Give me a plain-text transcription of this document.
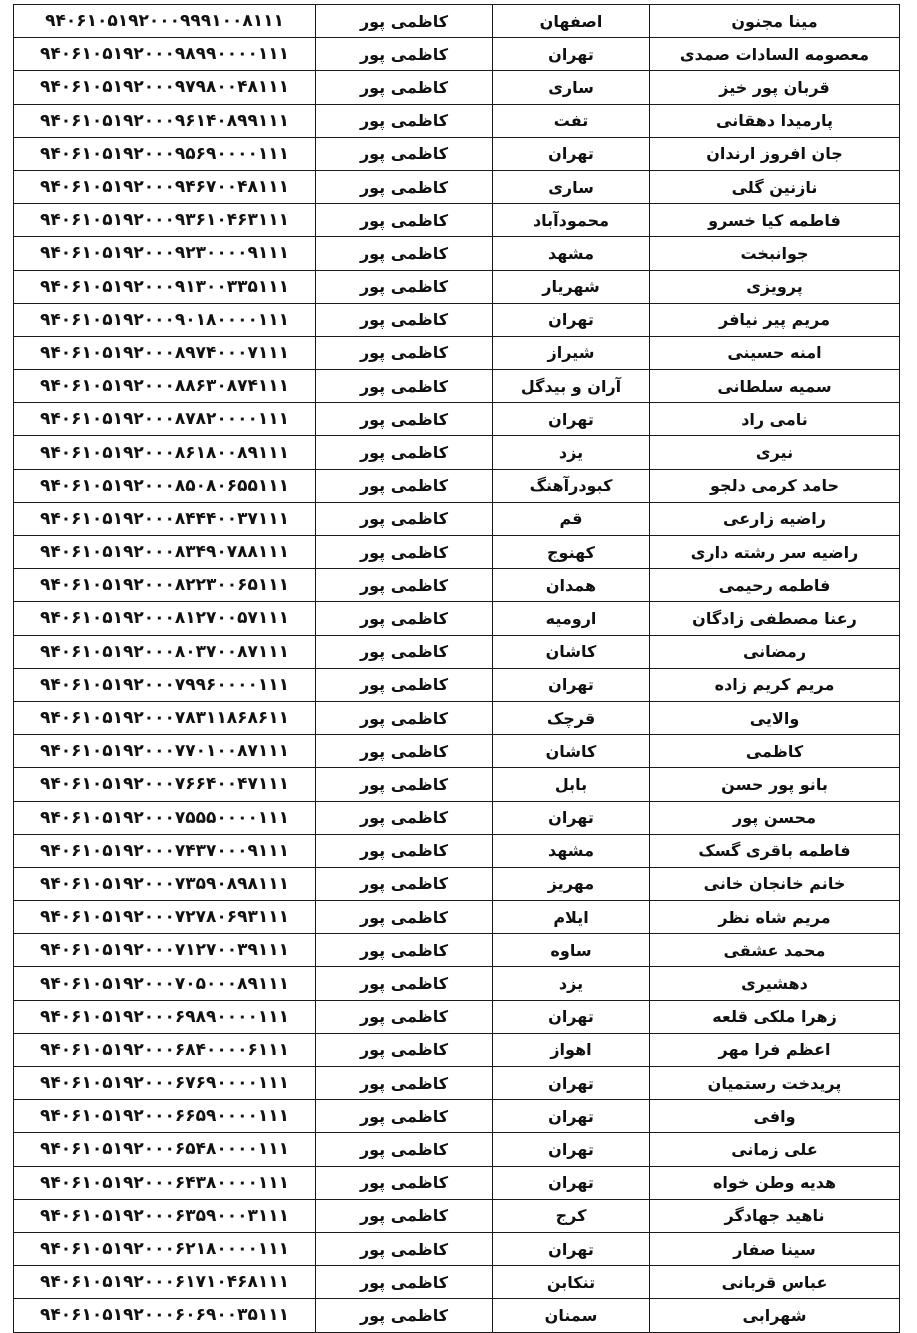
مینا مجنون	اصفهان	کاظمی پور	۹۴۰۶۱۰۵۱۹۲۰۰۰۹۹۹۱۰۰۸۱۱۱
معصومه السادات صمدی	تهران	کاظمی پور	۹۴۰۶۱۰۵۱۹۲۰۰۰۹۸۹۹۰۰۰۰۱۱۱
قربان پور خیز	ساری	کاظمی پور	۹۴۰۶۱۰۵۱۹۲۰۰۰۹۷۹۸۰۰۴۸۱۱۱
پارمیدا دهقانی	تفت	کاظمی پور	۹۴۰۶۱۰۵۱۹۲۰۰۰۹۶۱۴۰۸۹۹۱۱۱
جان افروز ارندان	تهران	کاظمی پور	۹۴۰۶۱۰۵۱۹۲۰۰۰۹۵۶۹۰۰۰۰۱۱۱
نازنین گلی	ساری	کاظمی پور	۹۴۰۶۱۰۵۱۹۲۰۰۰۹۴۶۷۰۰۴۸۱۱۱
فاطمه کیا خسرو	محمودآباد	کاظمی پور	۹۴۰۶۱۰۵۱۹۲۰۰۰۹۳۶۱۰۴۶۳۱۱۱
جوانبخت	مشهد	کاظمی پور	۹۴۰۶۱۰۵۱۹۲۰۰۰۹۲۳۰۰۰۰۹۱۱۱
پرویزی	شهریار	کاظمی پور	۹۴۰۶۱۰۵۱۹۲۰۰۰۹۱۳۰۰۳۳۵۱۱۱
مریم پیر نیافر	تهران	کاظمی پور	۹۴۰۶۱۰۵۱۹۲۰۰۰۹۰۱۸۰۰۰۰۱۱۱
امنه حسینی	شیراز	کاظمی پور	۹۴۰۶۱۰۵۱۹۲۰۰۰۸۹۷۴۰۰۰۷۱۱۱
سمیه سلطانی	آران و بیدگل	کاظمی پور	۹۴۰۶۱۰۵۱۹۲۰۰۰۸۸۶۳۰۸۷۴۱۱۱
نامی راد	تهران	کاظمی پور	۹۴۰۶۱۰۵۱۹۲۰۰۰۸۷۸۲۰۰۰۰۱۱۱
نیری	یزد	کاظمی پور	۹۴۰۶۱۰۵۱۹۲۰۰۰۸۶۱۸۰۰۸۹۱۱۱
حامد کرمی دلجو	کبودرآهنگ	کاظمی پور	۹۴۰۶۱۰۵۱۹۲۰۰۰۸۵۰۸۰۶۵۵۱۱۱
راضیه زارعی	قم	کاظمی پور	۹۴۰۶۱۰۵۱۹۲۰۰۰۸۴۴۴۰۰۳۷۱۱۱
راضیه سر رشته داری	کهنوج	کاظمی پور	۹۴۰۶۱۰۵۱۹۲۰۰۰۸۳۴۹۰۷۸۸۱۱۱
فاطمه رحیمی	همدان	کاظمی پور	۹۴۰۶۱۰۵۱۹۲۰۰۰۸۲۲۳۰۰۶۵۱۱۱
رعنا مصطفی زادگان	ارومیه	کاظمی پور	۹۴۰۶۱۰۵۱۹۲۰۰۰۸۱۲۷۰۰۵۷۱۱۱
رمضانی	کاشان	کاظمی پور	۹۴۰۶۱۰۵۱۹۲۰۰۰۸۰۳۷۰۰۸۷۱۱۱
مریم کریم زاده	تهران	کاظمی پور	۹۴۰۶۱۰۵۱۹۲۰۰۰۷۹۹۶۰۰۰۰۱۱۱
والایی	قرچک	کاظمی پور	۹۴۰۶۱۰۵۱۹۲۰۰۰۷۸۳۱۱۸۶۸۶۱۱
کاظمی	کاشان	کاظمی پور	۹۴۰۶۱۰۵۱۹۲۰۰۰۷۷۰۱۰۰۸۷۱۱۱
بانو پور حسن	بابل	کاظمی پور	۹۴۰۶۱۰۵۱۹۲۰۰۰۷۶۶۴۰۰۴۷۱۱۱
محسن پور	تهران	کاظمی پور	۹۴۰۶۱۰۵۱۹۲۰۰۰۷۵۵۵۰۰۰۰۱۱۱
فاطمه باقری گسک	مشهد	کاظمی پور	۹۴۰۶۱۰۵۱۹۲۰۰۰۷۴۳۷۰۰۰۹۱۱۱
خانم خانجان خانی	مهریز	کاظمی پور	۹۴۰۶۱۰۵۱۹۲۰۰۰۷۳۵۹۰۸۹۸۱۱۱
مریم شاه نظر	ایلام	کاظمی پور	۹۴۰۶۱۰۵۱۹۲۰۰۰۷۲۷۸۰۶۹۳۱۱۱
محمد عشقی	ساوه	کاظمی پور	۹۴۰۶۱۰۵۱۹۲۰۰۰۷۱۲۷۰۰۳۹۱۱۱
دهشیری	یزد	کاظمی پور	۹۴۰۶۱۰۵۱۹۲۰۰۰۷۰۵۰۰۰۸۹۱۱۱
زهرا ملکی قلعه	تهران	کاظمی پور	۹۴۰۶۱۰۵۱۹۲۰۰۰۶۹۸۹۰۰۰۰۱۱۱
اعظم فرا مهر	اهواز	کاظمی پور	۹۴۰۶۱۰۵۱۹۲۰۰۰۶۸۴۰۰۰۰۶۱۱۱
پریدخت رستمیان	تهران	کاظمی پور	۹۴۰۶۱۰۵۱۹۲۰۰۰۶۷۶۹۰۰۰۰۱۱۱
وافی	تهران	کاظمی پور	۹۴۰۶۱۰۵۱۹۲۰۰۰۶۶۵۹۰۰۰۰۱۱۱
علی زمانی	تهران	کاظمی پور	۹۴۰۶۱۰۵۱۹۲۰۰۰۶۵۴۸۰۰۰۰۱۱۱
هدیه وطن خواه	تهران	کاظمی پور	۹۴۰۶۱۰۵۱۹۲۰۰۰۶۴۳۸۰۰۰۰۱۱۱
ناهید جهادگر	کرج	کاظمی پور	۹۴۰۶۱۰۵۱۹۲۰۰۰۶۳۵۹۰۰۰۳۱۱۱
سینا صفار	تهران	کاظمی پور	۹۴۰۶۱۰۵۱۹۲۰۰۰۶۲۱۸۰۰۰۰۱۱۱
عباس قربانی	تنکابن	کاظمی پور	۹۴۰۶۱۰۵۱۹۲۰۰۰۶۱۷۱۰۴۶۸۱۱۱
شهرابی	سمنان	کاظمی پور	۹۴۰۶۱۰۵۱۹۲۰۰۰۶۰۶۹۰۰۳۵۱۱۱
